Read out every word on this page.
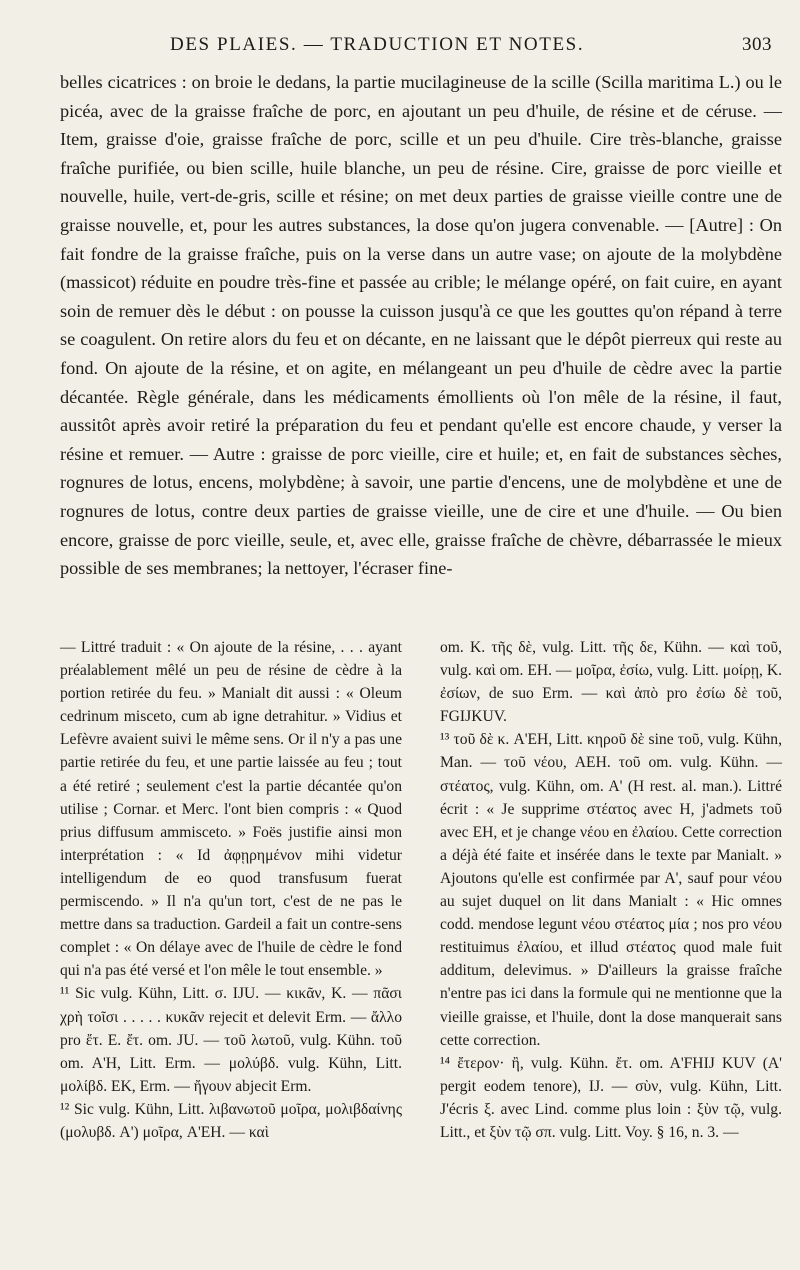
DES PLAIES. — TRADUCTION ET NOTES.	303

belles cicatrices : on broie le dedans, la partie mucilagineuse de la scille (Scilla maritima L.) ou le picéa, avec de la graisse fraîche de porc, en ajoutant un peu d'huile, de résine et de céruse. — Item, graisse d'oie, graisse fraîche de porc, scille et un peu d'huile. Cire très-blanche, graisse fraîche purifiée, ou bien scille, huile blanche, un peu de résine. Cire, graisse de porc vieille et nouvelle, huile, vert-de-gris, scille et résine; on met deux parties de graisse vieille contre une de graisse nouvelle, et, pour les autres substances, la dose qu'on jugera convenable. — [Autre] : On fait fondre de la graisse fraîche, puis on la verse dans un autre vase; on ajoute de la molybdène (massicot) réduite en poudre très-fine et passée au crible; le mélange opéré, on fait cuire, en ayant soin de remuer dès le début : on pousse la cuisson jusqu'à ce que les gouttes qu'on répand à terre se coagulent. On retire alors du feu et on décante, en ne laissant que le dépôt pierreux qui reste au fond. On ajoute de la résine, et on agite, en mélangeant un peu d'huile de cèdre avec la partie décantée. Règle générale, dans les médicaments émollients où l'on mêle de la résine, il faut, aussitôt après avoir retiré la préparation du feu et pendant qu'elle est encore chaude, y verser la résine et remuer. — Autre : graisse de porc vieille, cire et huile; et, en fait de substances sèches, rognures de lotus, encens, molybdène; à savoir, une partie d'encens, une de molybdène et une de rognures de lotus, contre deux parties de graisse vieille, une de cire et une d'huile. — Ou bien encore, graisse de porc vieille, seule, et, avec elle, graisse fraîche de chèvre, débarrassée le mieux possible de ses membranes; la nettoyer, l'écraser fine-

— Littré traduit : « On ajoute de la résine, . . . ayant préalablement mêlé un peu de résine de cèdre à la portion retirée du feu. » Manialt dit aussi : « Oleum cedrinum misceto, cum ab igne detrahitur. » Vidius et Lefèvre avaient suivi le même sens. Or il n'y a pas une partie retirée du feu, et une partie laissée au feu ; tout a été retiré ; seulement c'est la partie décantée qu'on utilise ; Cornar. et Merc. l'ont bien compris : « Quod prius diffusum ammisceto. » Foës justifie ainsi mon interprétation : « Id ἀφῃρημένον mihi videtur intelligendum de eo quod transfusum fuerat permiscendo. » Il n'a qu'un tort, c'est de ne pas le mettre dans sa traduction. Gardeil a fait un contre-sens complet : « On délaye avec de l'huile de cèdre le fond qui n'a pas été versé et l'on mêle le tout ensemble. »

¹¹ Sic vulg. Kühn, Litt. σ. IJU. — κικᾶν, K. — πᾶσι χρὴ τοῖσι . . . . . κυκᾶν rejecit et delevit Erm. — ἄλλο pro ἔτ. E. ἔτ. om. JU. — τοῦ λωτοῦ, vulg. Kühn. τοῦ om. A'H, Litt. Erm. — μολύβδ. vulg. Kühn, Litt. μολίβδ. EK, Erm. — ἤγουν abjecit Erm.

¹² Sic vulg. Kühn, Litt. λιβανωτοῦ μοῖρα, μολιβδαίνης (μολυβδ. A') μοῖρα, A'EH. — καὶ

om. K. τῆς δὲ, vulg. Litt. τῆς δε, Kühn. — καὶ τοῦ, vulg. καὶ om. EH. — μοῖρα, ἐσίω, vulg. Litt. μοίρῃ, K. ἐσίων, de suo Erm. — καὶ ἀπὸ pro ἐσίω δὲ τοῦ, FGIJKUV.

¹³ τοῦ δὲ κ. A'EH, Litt. κηροῦ δὲ sine τοῦ, vulg. Kühn, Man. — τοῦ νέου, AEH. τοῦ om. vulg. Kühn. — στέατος, vulg. Kühn, om. A' (H rest. al. man.). Littré écrit : « Je supprime στέατος avec H, j'admets τοῦ avec EH, et je change νέου en ἐλαίου. Cette correction a déjà été faite et insérée dans le texte par Manialt. » Ajoutons qu'elle est confirmée par A', sauf pour νέου au sujet duquel on lit dans Manialt : « Hic omnes codd. mendose legunt νέου στέατος μία ; nos pro νέου restituimus ἐλαίου, et illud στέατος quod male fuit additum, delevimus. » D'ailleurs la graisse fraîche n'entre pas ici dans la formule qui ne mentionne que la vieille graisse, et l'huile, dont la dose manquerait sans cette correction.

¹⁴ ἔτερον· ἢ, vulg. Kühn. ἔτ. om. A'FHIJ KUV (A' pergit eodem tenore), IJ. — σὺν, vulg. Kühn, Litt. J'écris ξ. avec Lind. comme plus loin : ξὺν τῷ, vulg. Litt., et ξὺν τῷ σπ. vulg. Litt. Voy. § 16, n. 3. —
